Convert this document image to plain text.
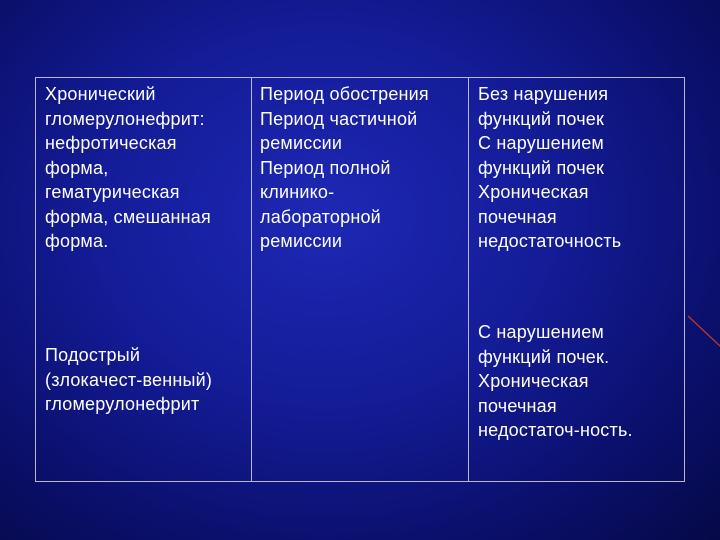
Хронический
гломерулонефрит:
нефротическая
форма,
гематурическая
форма, смешанная
форма.
Подострый
(злокачест-венный)
гломерулонефрит
Период обострения
Период частичной
ремиссии
Период полной
клинико-
лабораторной
ремиссии
Без нарушения
функций почек
С нарушением
функций почек
Хроническая
почечная
недостаточность
С нарушением
функций почек.
Хроническая
почечная
недостаточ-ность.
